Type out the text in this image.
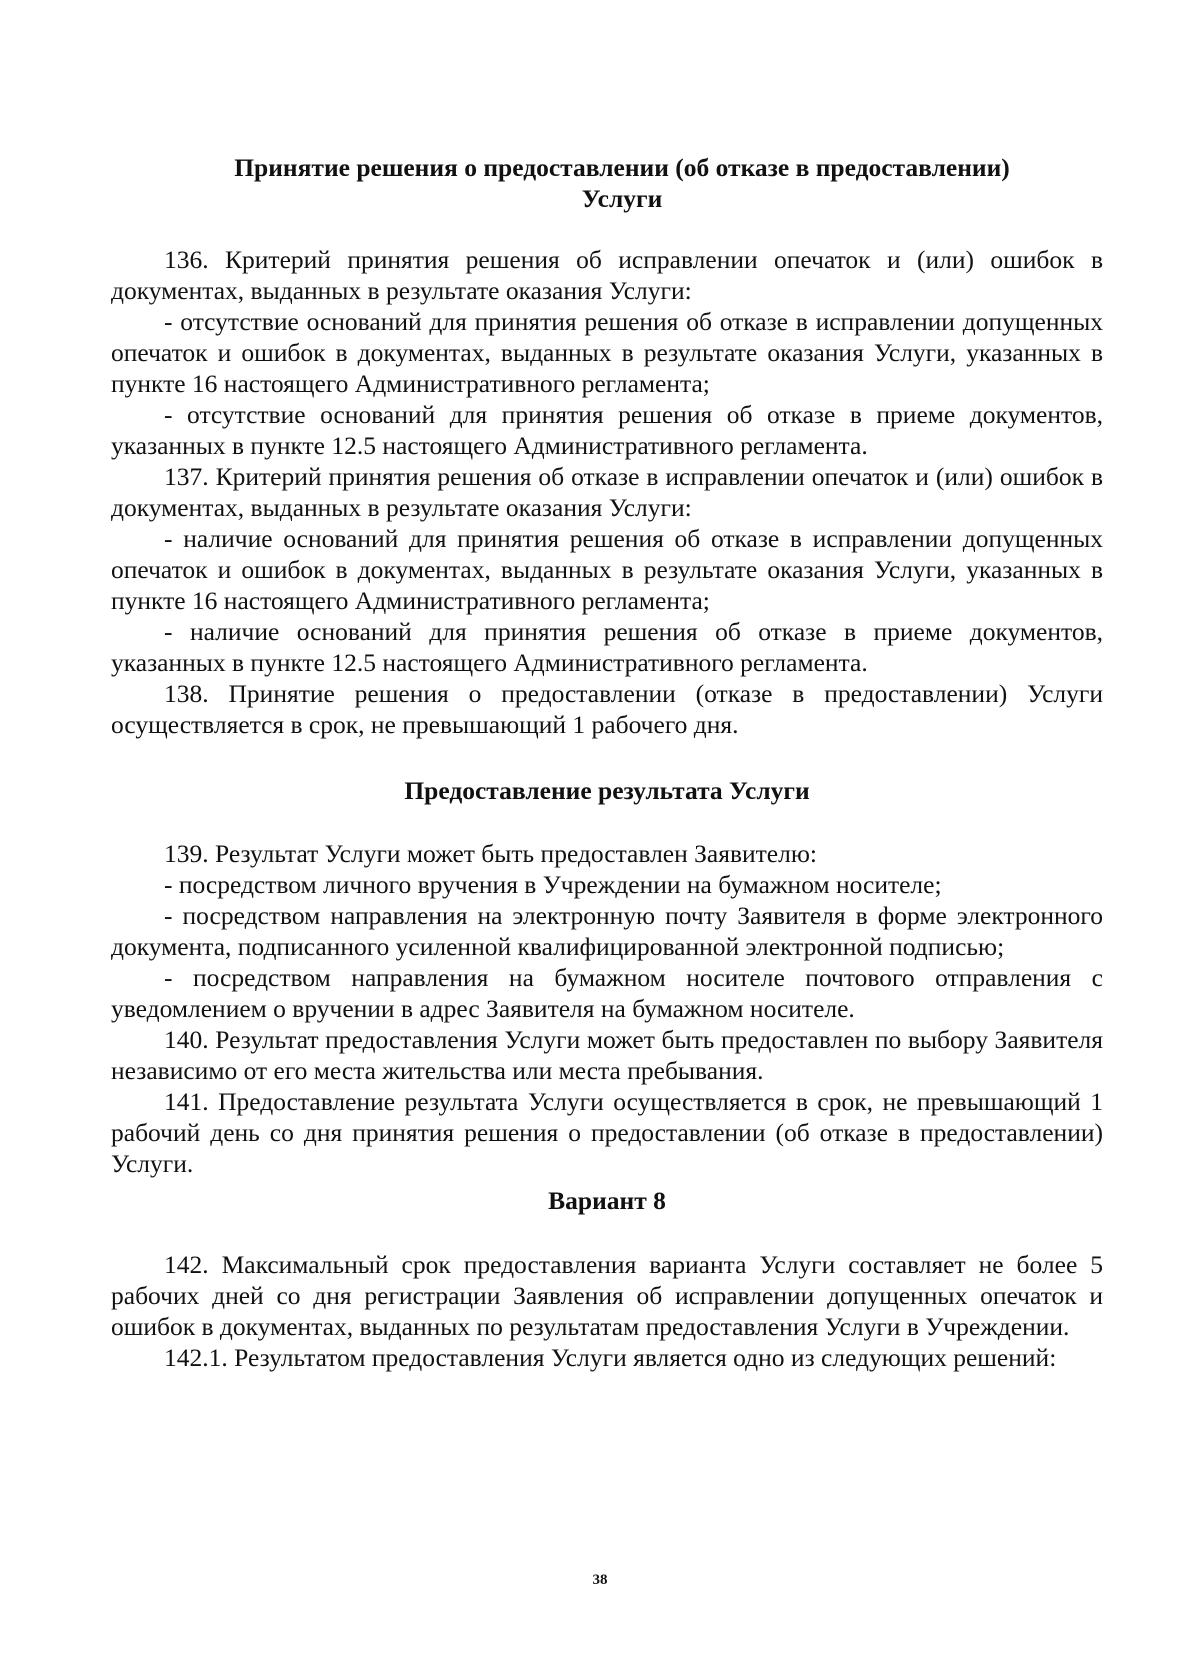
Принятие решения о предоставлении (об отказе в предоставлении)
Услуги

136. Критерий принятия решения об исправлении опечаток и (или) ошибок в документах, выданных в результате оказания Услуги:

- отсутствие оснований для принятия решения об отказе в исправлении допущенных опечаток и ошибок в документах, выданных в результате оказания Услуги, указанных в пункте 16 настоящего Административного регламента;

- отсутствие оснований для принятия решения об отказе в приеме документов, указанных в пункте 12.5 настоящего Административного регламента.

137. Критерий принятия решения об отказе в исправлении опечаток и (или) ошибок в документах, выданных в результате оказания Услуги:

- наличие оснований для принятия решения об отказе в исправлении допущенных опечаток и ошибок в документах, выданных в результате оказания Услуги, указанных в пункте 16 настоящего Административного регламента;

- наличие оснований для принятия решения об отказе в приеме документов, указанных в пункте 12.5 настоящего Административного регламента.

138. Принятие решения о предоставлении (отказе в предоставлении) Услуги осуществляется в срок, не превышающий 1 рабочего дня.

Предоставление результата Услуги

139. Результат Услуги может быть предоставлен Заявителю:

- посредством личного вручения в Учреждении на бумажном носителе;

- посредством направления на электронную почту Заявителя в форме электронного документа, подписанного усиленной квалифицированной электронной подписью;

- посредством направления на бумажном носителе почтового отправления с уведомлением о вручении в адрес Заявителя на бумажном носителе.

140. Результат предоставления Услуги может быть предоставлен по выбору Заявителя независимо от его места жительства или места пребывания.

141. Предоставление результата Услуги осуществляется в срок, не превышающий 1 рабочий день со дня принятия решения о предоставлении (об отказе в предоставлении) Услуги.

Вариант 8

142. Максимальный срок предоставления варианта Услуги составляет не более 5 рабочих дней со дня регистрации Заявления об исправлении допущенных опечаток и ошибок в документах, выданных по результатам предоставления Услуги в Учреждении.

142.1. Результатом предоставления Услуги является одно из следующих решений:

38
